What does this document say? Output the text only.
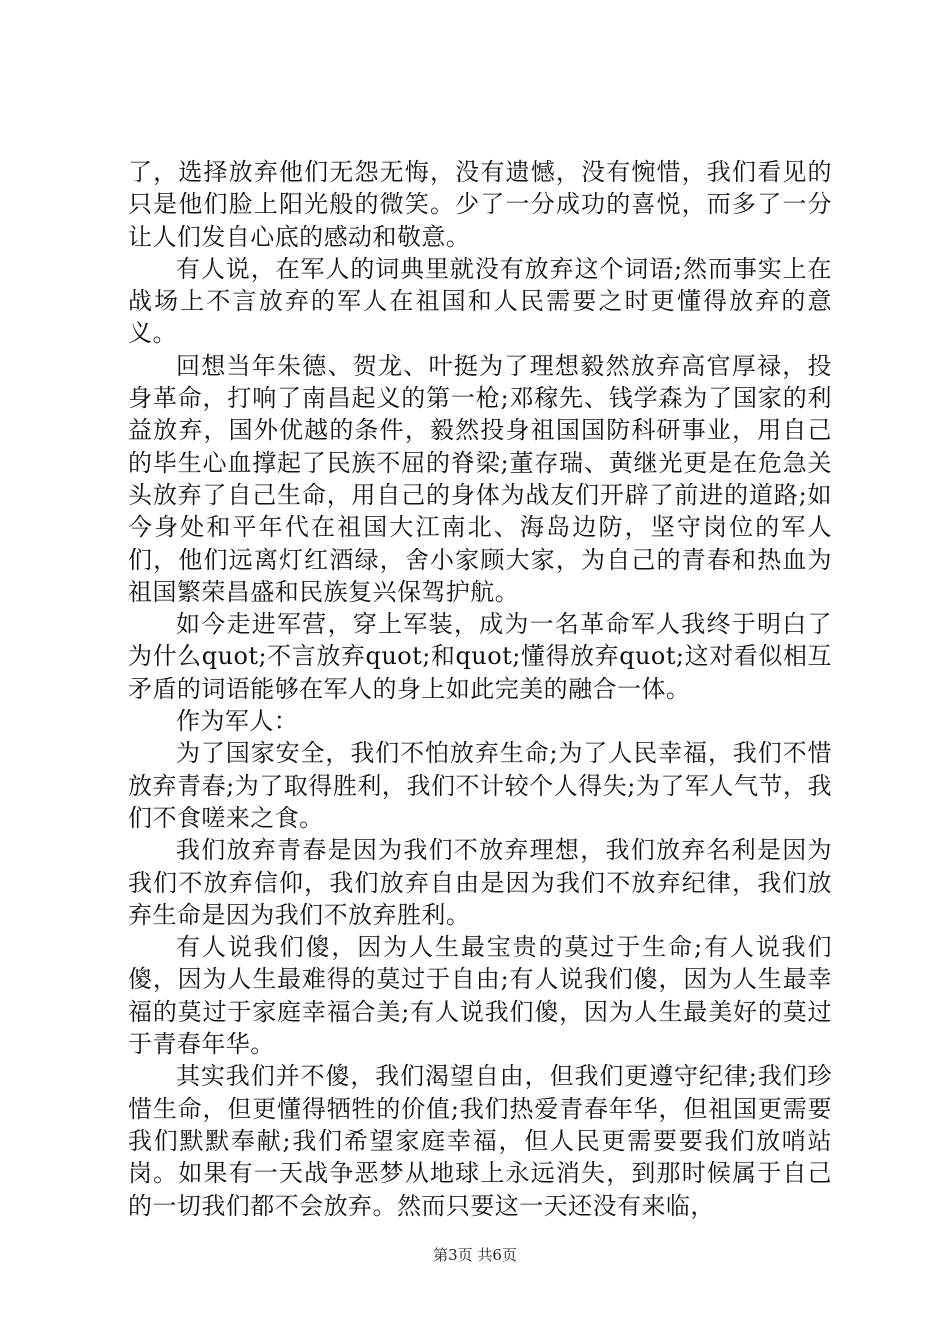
了，选择放弃他们无怨无悔，没有遗憾，没有惋惜，我们看见的只是他们脸上阳光般的微笑。少了一分成功的喜悦，而多了一分让人们发自心底的感动和敬意。

有人说，在军人的词典里就没有放弃这个词语;然而事实上在战场上不言放弃的军人在祖国和人民需要之时更懂得放弃的意义。

回想当年朱德、贺龙、叶挺为了理想毅然放弃高官厚禄，投身革命，打响了南昌起义的第一枪;邓稼先、钱学森为了国家的利益放弃，国外优越的条件，毅然投身祖国国防科研事业，用自己的毕生心血撑起了民族不屈的脊梁;董存瑞、黄继光更是在危急关头放弃了自己生命，用自己的身体为战友们开辟了前进的道路;如今身处和平年代在祖国大江南北、海岛边防，坚守岗位的军人们，他们远离灯红酒绿，舍小家顾大家，为自己的青春和热血为祖国繁荣昌盛和民族复兴保驾护航。

如今走进军营，穿上军装，成为一名革命军人我终于明白了为什么quot;不言放弃quot;和quot;懂得放弃quot;这对看似相互矛盾的词语能够在军人的身上如此完美的融合一体。

作为军人：

为了国家安全，我们不怕放弃生命;为了人民幸福，我们不惜放弃青春;为了取得胜利，我们不计较个人得失;为了军人气节，我们不食嗟来之食。

我们放弃青春是因为我们不放弃理想，我们放弃名利是因为我们不放弃信仰，我们放弃自由是因为我们不放弃纪律，我们放弃生命是因为我们不放弃胜利。

有人说我们傻，因为人生最宝贵的莫过于生命;有人说我们傻，因为人生最难得的莫过于自由;有人说我们傻，因为人生最幸福的莫过于家庭幸福合美;有人说我们傻，因为人生最美好的莫过于青春年华。

其实我们并不傻，我们渴望自由，但我们更遵守纪律;我们珍惜生命，但更懂得牺牲的价值;我们热爱青春年华，但祖国更需要我们默默奉献;我们希望家庭幸福，但人民更需要要我们放哨站岗。如果有一天战争恶梦从地球上永远消失，到那时候属于自己的一切我们都不会放弃。然而只要这一天还没有来临，

第3页 共6页
